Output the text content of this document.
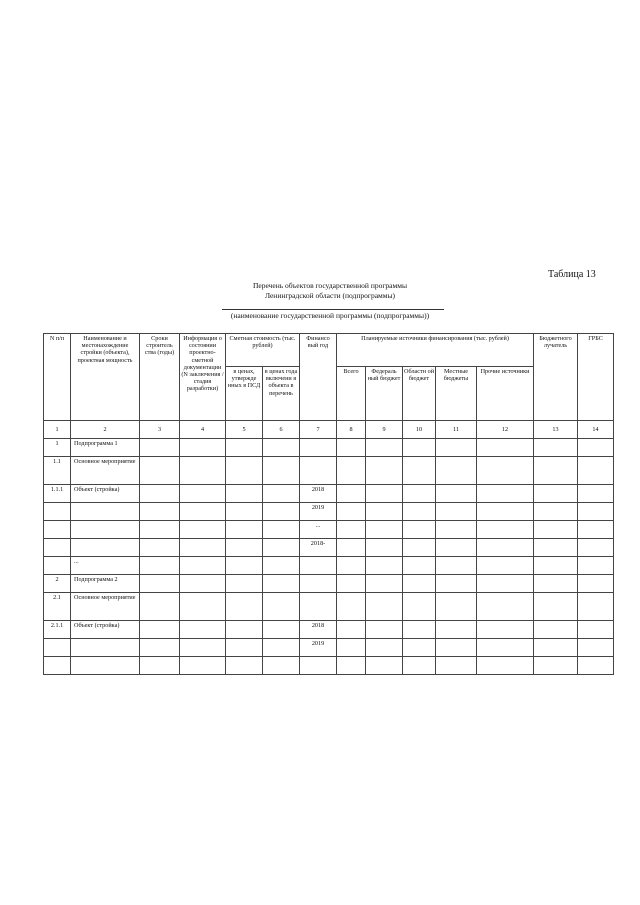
Таблица 13
Перечень объектов государственной программы
Ленинградской области (подпрограммы)
(наименование государственной программы (подпрограммы))
N п/п	Наименование и местонахождение стройки (объекта), проектная мощность	Сроки строитель ства (годы)	Информация о состоянии проектно-сметной документации (N заключения /стадия разработки)	Сметная стоимость (тыс. рублей)		Финансо вый год	Планируемые источники финансирования (тыс. рублей)					Бюджетного лучатель	ГРБС
				в ценах, утвержде нных в ПСД	в ценах года включени я объекта в перечень		Всего	Федераль ный бюджет	Областн ой бюджет	Местные бюджеты	Прочие источники		
1	2	3	4	5	6	7	8	9	10	11	12	13	14
1	Подпрограмма 1												
1.1	Основное мероприятие												
1.1.1	Объект (стройка)					2018							
						2019							
						...							
						2018-							
	...												
2	Подпрограмма 2												
2.1	Основное мероприятие												
2.1.1	Объект (стройка)					2018							
						2019							
